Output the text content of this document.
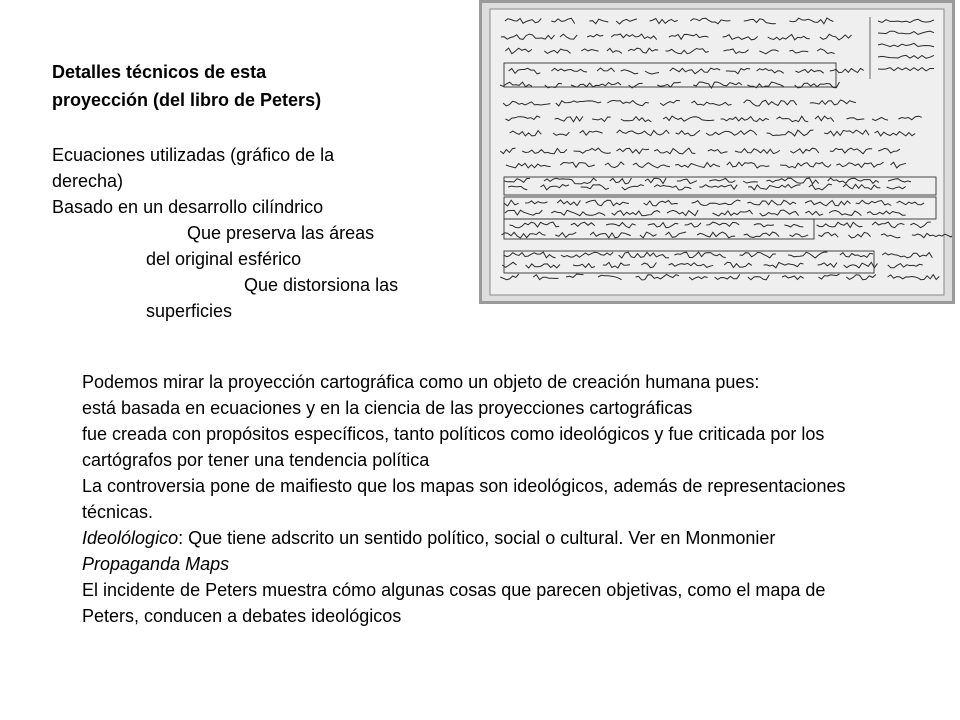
Detalles técnicos de esta
proyección (del libro de Peters)
Ecuaciones utilizadas (gráfico de la
derecha)
Basado en un desarrollo cilíndrico
Que preserva las áreas
del original esférico
Que distorsiona las
superficies

Podemos mirar la proyección cartográfica como un objeto de creación humana pues:

está basada en ecuaciones y en la ciencia de las proyecciones cartográficas

fue creada con propósitos específicos, tanto políticos como ideológicos y fue criticada por los cartógrafos por tener una tendencia política

La controversia pone de maifiesto que los mapas son ideológicos, además de representaciones técnicas.

Ideolólogico: Que tiene adscrito un sentido político, social o cultural. Ver en Monmonier Propaganda Maps

El incidente de Peters muestra cómo algunas cosas que parecen objetivas, como el mapa de Peters, conducen a debates ideológicos
